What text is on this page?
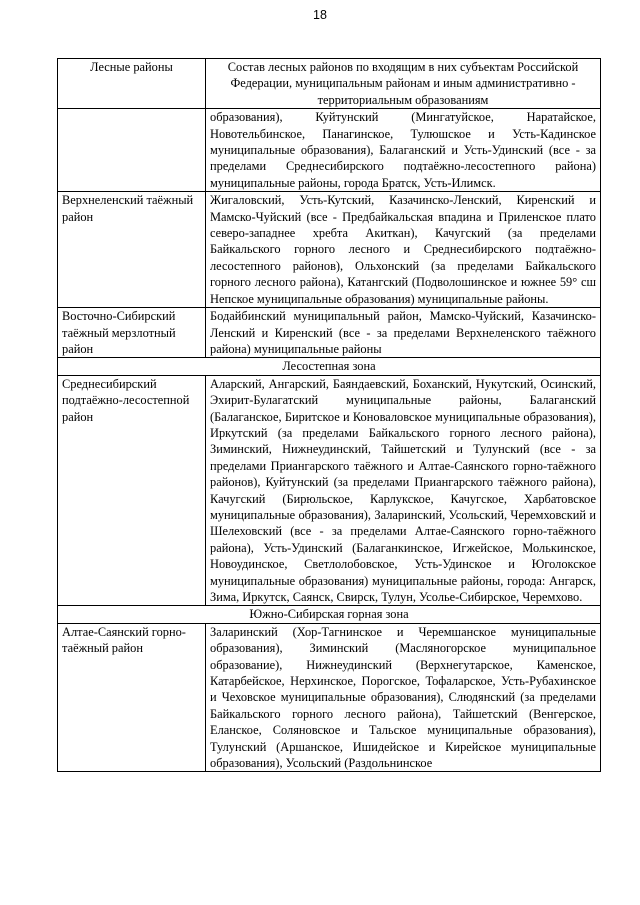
18
Лесные районы	Состав лесных районов по входящим в них субъектам Российской Федерации, муниципальным районам и иным административно - территориальным образованиям
	образования), Куйтунский (Мингатуйское, Наратайское, Новотельбинское, Панагинское, Тулюшское и Усть-Кадинское муниципальные образования), Балаганский и Усть-Удинский (все - за пределами Среднесибирского подтаёжно-лесостепного района) муниципальные районы, города Братск, Усть-Илимск.
Верхнеленский таёжный район	Жигаловский, Усть-Кутский, Казачинско-Ленский, Киренский и Мамско-Чуйский (все - Предбайкальская впадина и Приленское плато северо-западнее хребта Акиткан), Качугский (за пределами Байкальского горного лесного и Среднесибирского подтаёжно-лесостепного районов), Ольхонский (за пределами Байкальского горного лесного района), Катангский (Подволошинское и южнее 59° сш Непское муниципальные образования) муниципальные районы.
Восточно-Сибирский таёжный мерзлотный район	Бодайбинский муниципальный район, Мамско-Чуйский, Казачинско-Ленский и Киренский (все - за пределами Верхнеленского таёжного района) муниципальные районы
Лесостепная зона	
Среднесибирский подтаёжно-лесостепной район	Аларский, Ангарский, Баяндаевский, Боханский, Нукутский, Осинский, Эхирит-Булагатский муниципальные районы, Балаганский (Балаганское, Биритское и Коноваловское муниципальные образования), Иркутский (за пределами Байкальского горного лесного района), Зиминский, Нижнеудинский, Тайшетский и Тулунский (все - за пределами Приангарского таёжного и Алтае-Саянского горно-таёжного районов), Куйтунский (за пределами Приангарского таёжного района), Качугский (Бирюльское, Карлукское, Качугское, Харбатовское муниципальные образования), Заларинский, Усольский, Черемховский и Шелеховский (все - за пределами Алтае-Саянского горно-таёжного района), Усть-Удинский (Балаганкинское, Игжейское, Молькинское, Новоудинское, Светлолобовское, Усть-Удинское и Юголокское муниципальные образования) муниципальные районы, города: Ангарск, Зима, Иркутск, Саянск, Свирск, Тулун, Усолье-Сибирское, Черемхово.
Южно-Сибирская горная зона	
Алтае-Саянский горно-таёжный район	Заларинский (Хор-Тагнинское и Черемшанское муниципальные образования), Зиминский (Масляногорское муниципальное образование), Нижнеудинский (Верхнегутарское, Каменское, Катарбейское, Нерхинское, Порогское, Тофаларское, Усть-Рубахинское и Чеховское муниципальные образования), Слюдянский (за пределами Байкальского горного лесного района), Тайшетский (Венгерское, Еланское, Соляновское и Тальское муниципальные образования), Тулунский (Аршанское, Ишидейское и Кирейское муниципальные образования), Усольский (Раздольнинское
